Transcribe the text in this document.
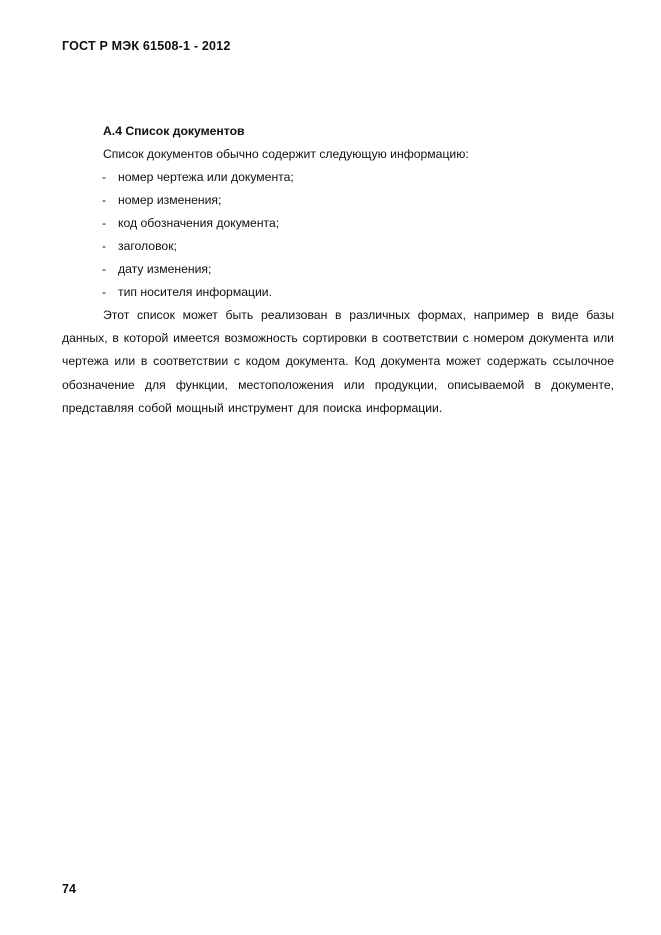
ГОСТ Р МЭК 61508-1 - 2012
А.4 Список документов
Список документов обычно содержит следующую информацию:
- номер чертежа или документа;
- номер изменения;
- код обозначения документа;
- заголовок;
- дату изменения;
- тип носителя информации.

Этот список может быть реализован в различных формах, например в виде базы данных, в которой имеется возможность сортировки в соответствии с номером документа или чертежа или в соответствии с кодом документа. Код документа может содержать ссылочное обозначение для функции, местоположения или продукции, описываемой в документе, представляя собой мощный инструмент для поиска информации.

74
